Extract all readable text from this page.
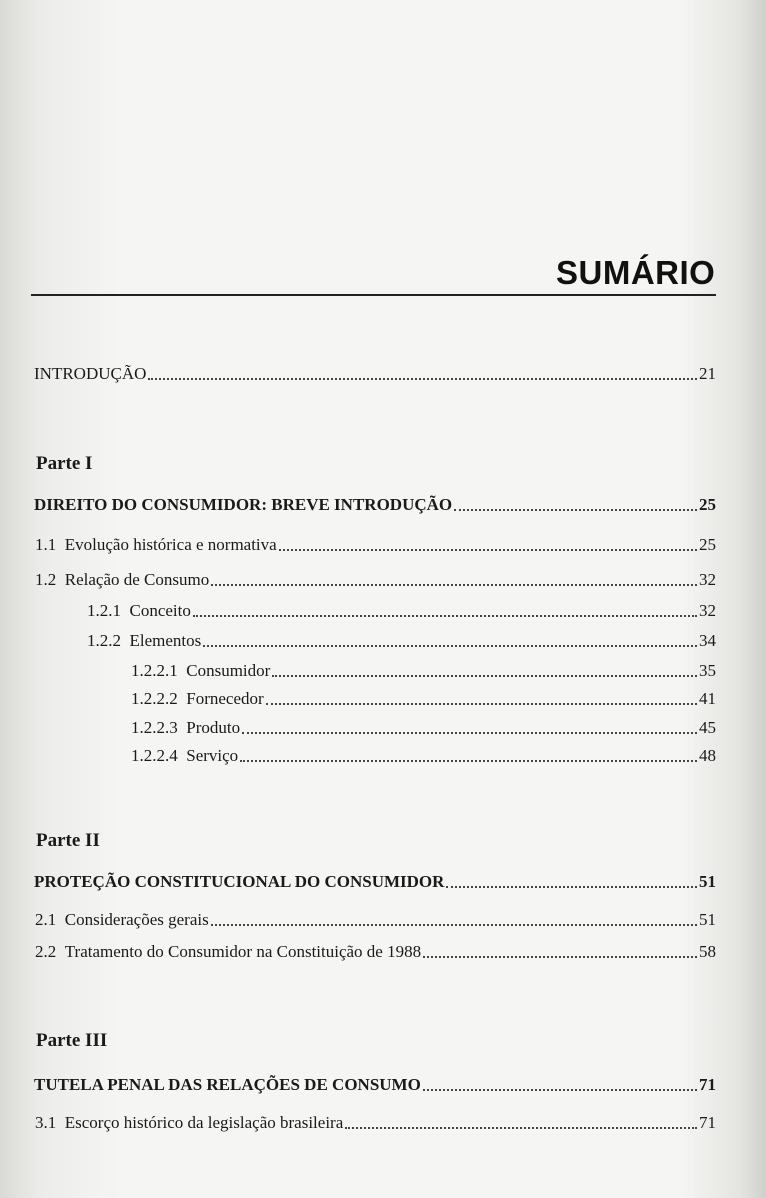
SUMÁRIO
INTRODUÇÃO	21
Parte I
DIREITO DO CONSUMIDOR: BREVE INTRODUÇÃO	25
1.1 Evolução histórica e normativa	25
1.2 Relação de Consumo	32
1.2.1 Conceito	32
1.2.2 Elementos	34
1.2.2.1 Consumidor	35
1.2.2.2 Fornecedor	41
1.2.2.3 Produto	45
1.2.2.4 Serviço	48
Parte II
PROTEÇÃO CONSTITUCIONAL DO CONSUMIDOR	51
2.1 Considerações gerais	51
2.2 Tratamento do Consumidor na Constituição de 1988	58
Parte III
TUTELA PENAL DAS RELAÇÕES DE CONSUMO	71
3.1 Escorço histórico da legislação brasileira	71
